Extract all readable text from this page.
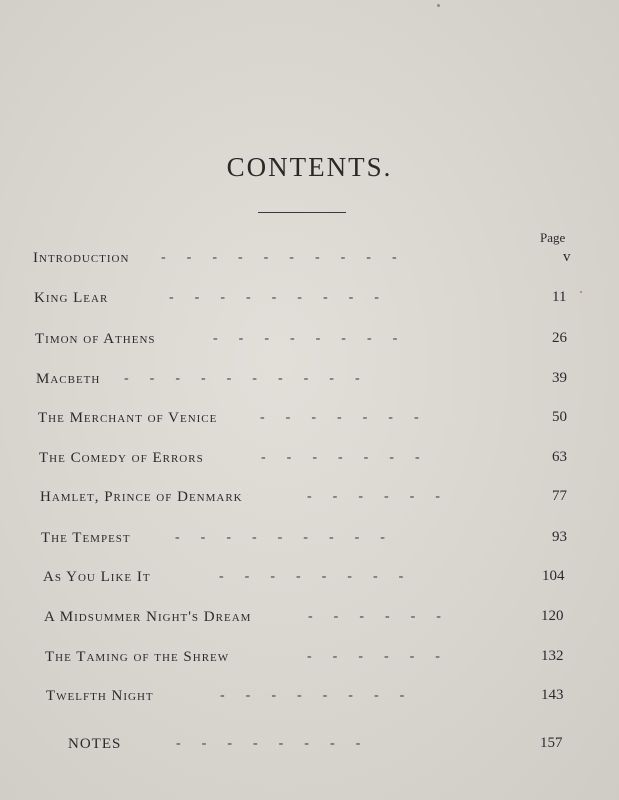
CONTENTS.
Page
Introduction -      -      -      -      -      -      -      -      -      -	v
King Lear	-      -      -      -      -      -      -      -      -	11
Timon of Athens	-      -      -      -      -      -      -      -	26
Macbeth -      -      -      -      -      -      -      -      -      -	39
The Merchant of Venice	-      -      -      -      -      -      -	50
The Comedy of Errors	-      -      -      -      -      -      -	63
Hamlet, Prince of Denmark	-      -      -      -      -      -	77
The Tempest	-      -      -      -      -      -      -      -      -	93
As You Like It	-      -      -      -      -      -      -      -	104
A Midsummer Night's Dream	-      -      -      -      -      -	120
The Taming of the Shrew	-      -      -      -      -      -	132
Twelfth Night	-      -      -      -      -      -      -      -	143
NOTES	-      -      -      -      -      -      -      -	157
